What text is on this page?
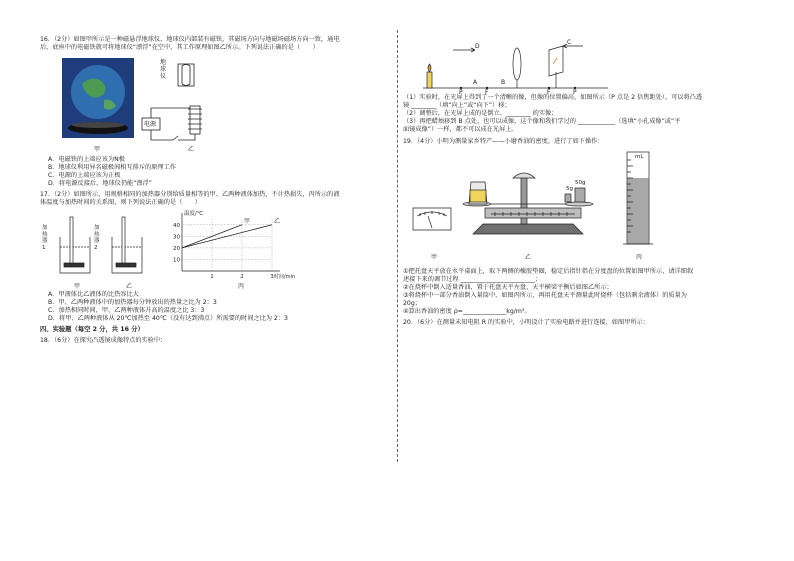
16．（2分）如图甲所示是一种磁悬浮地球仪，地球仪内部装有磁铁，其磁场方向与地磁场磁场方向一致，通电
后，底座中的电磁铁就可将地球仪“漂浮”在空中，其工作原理如图乙所示。下列说法正确的是（　　）
地
球
仪
电源
甲	乙
A．电磁铁的上端应该为N极
B．地球仪利用异名磁极间相互排斥的原理工作
C．电源的上端应该为正极
D．将电源反接后，地球仪仍能“漂浮”
17．（2分）如图所示，用规格相同的加热器分别给质量相等的甲、乙两种液体加热，不计热损失，丙所示的液
体温度与加热时间的关系图，则下列说法正确的是（　　）
加热器1
加热器2
甲	乙
10
20
30
40
1	2	3
温度/℃
时间/min
甲	乙
丙
A．甲液体比乙液体的比热容比大
B．甲、乙两种液体中的加热器每分钟放出的热量之比为 2：3
C．加热相同时间，甲、乙两种液体升高的温度之比 3：3
D．将甲、乙两种液体从 20℃加热至 40℃（没有达到沸点）所需要的时间之比为 2：3
四、实验题（每空 2 分，共 16 分）
18．（6分）在探究凸透镜成像特点的实验中：
D
C
A	B
P	F	F	P
（1）实验时，在光屏上得到了一个清晰的像，但像的位置偏高，如图所示（P 点是 2 倍焦距处）。可以将凸透
镜 ________（填“向上”或“向下”）移；
（2）调整后，在光屏上成的是倒立、________ 的实像；
（3）再把蜡烛移到 B 点处，也可以成像，这个像和我们学过的 ____________（选填“小孔成像”或“平
面镜成像”）一样，都不可以成在光屏上。
19．（4分）小明为测量家乡特产——小磨香油的密度，进行了如下操作：
5g
50g
mL
甲	乙	丙
①把托盘天平放在水平桌面上，取下两侧的橡胶垫圈，稳定后指针指在分度盘的位置如图甲所示，请详细叙
述接下来的调节过程 ________________________；
②在烧杯中倒入适量香油，置于托盘天平左盘，天平横梁平衡后如图乙所示；
③将烧杯中一部分香油倒入量筒中，如图丙所示，再用托盘天平测量此时烧杯（包括剩余液体）的质量为
20g；
④算出香油的密度 ρ=______________kg/m³。
20．（6分）在测量未知电阻 R 的实验中，小明设计了实验电路并进行连接，如图甲所示：
